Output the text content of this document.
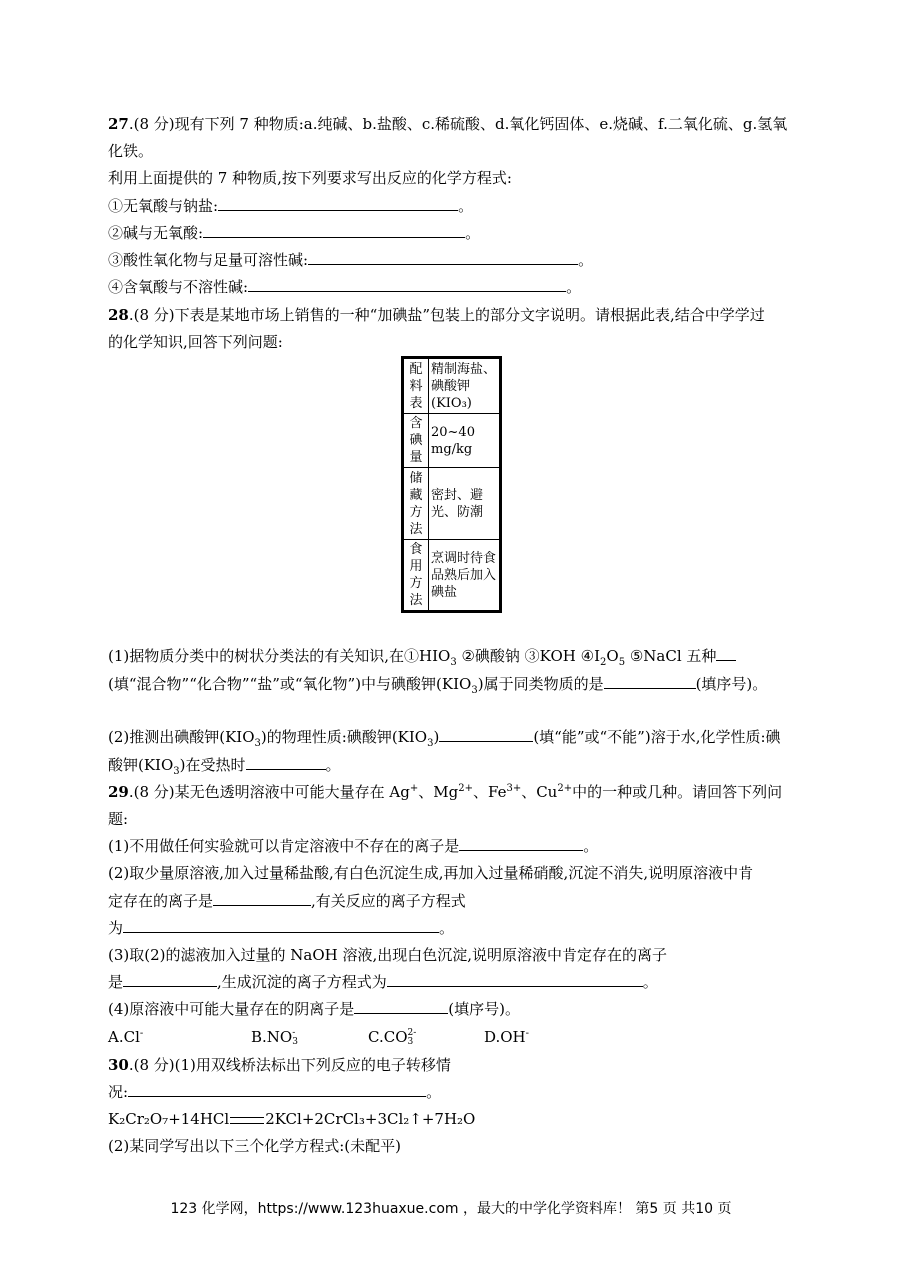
27.(8 分)现有下列 7 种物质:a.纯碱、b.盐酸、c.稀硫酸、d.氧化钙固体、e.烧碱、f.二氧化硫、g.氢氧
化铁。
利用上面提供的 7 种物质,按下列要求写出反应的化学方程式:
①无氧酸与钠盐:	。
②碱与无氧酸:	。
③酸性氧化物与足量可溶性碱:	。
④含氧酸与不溶性碱:	。
28.(8 分)下表是某地市场上销售的一种“加碘盐”包装上的部分文字说明。请根据此表,结合中学学过
的化学知识,回答下列问题:
配料表	精制海盐、碘酸钾(KIO₃)
含碘量	20~40 mg/kg
储藏方法	密封、避光、防潮
食用方法	烹调时待食品熟后加入碘盐
(1)据物质分类中的树状分类法的有关知识,在$①HIO_3$ ②碘酸钠 ③KOH $④I_2O_5$ ⑤NaCl 五种
(填“混合物”“化合物”“盐”或“氧化物”)中与碘酸钾$(KIO_3)$属于同类物质的是	(填序号)。
(2)推测出碘酸钾$(KIO_3)$的物理性质:碘酸钾$(KIO_3)$	(填“能”或“不能”)溶于水,化学性质:碘
酸钾$(KIO_3)$在受热时	。
29.(8 分)某无色透明溶液中可能大量存在 Ag+、$Mg^{2+}$、$Fe^{3+}$、$Cu^{2+}$中的一种或几种。请回答下列问
题:
(1)不用做任何实验就可以肯定溶液中不存在的离子是	。
(2)取少量原溶液,加入过量稀盐酸,有白色沉淀生成,再加入过量稀硝酸,沉淀不消失,说明原溶液中肯
定存在的离子是	,有关反应的离子方程式
为	。
(3)取(2)的滤液加入过量的 NaOH 溶液,出现白色沉淀,说明原溶液中肯定存在的离子
是	,生成沉淀的离子方程式为	。
(4)原溶液中可能大量存在的阴离子是	(填序号)。
A.Cl-	B.NO -
3	C.CO 2-
3	D.OH-
30.(8 分)(1)用双线桥法标出下列反应的电子转移情
况:	。
K₂Cr₂O₇+14HCl 2KCl+2CrCl₃+3Cl₂↑+7H₂O
(2)某同学写出以下三个化学方程式:(未配平)
123 化学网，https://www.123huaxue.com ，最大的中学化学资料库！ 第5 页 共10 页
